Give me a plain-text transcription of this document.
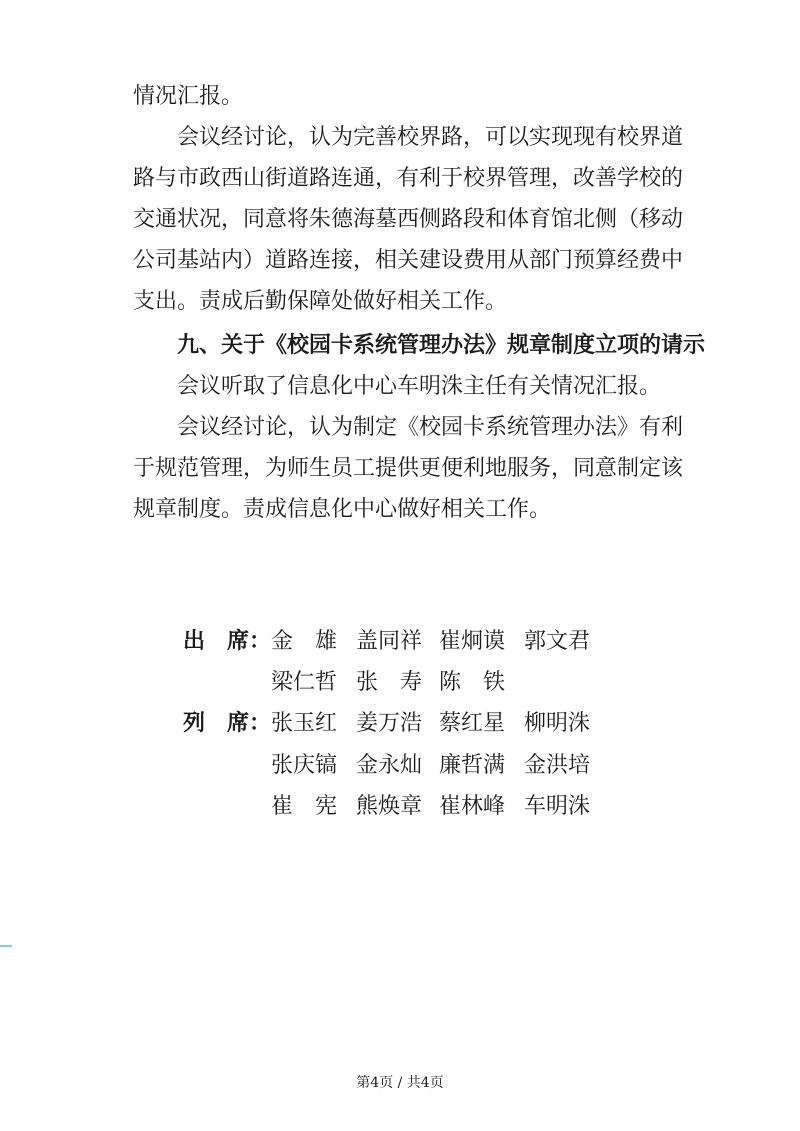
情况汇报。

　　会议经讨论，认为完善校界路，可以实现现有校界道路与市政西山街道路连通，有利于校界管理，改善学校的交通状况，同意将朱德海墓西侧路段和体育馆北侧（移动公司基站内）道路连接，相关建设费用从部门预算经费中支出。责成后勤保障处做好相关工作。

　　九、关于《校园卡系统管理办法》规章制度立项的请示

　　会议听取了信息化中心车明洙主任有关情况汇报。

　　会议经讨论，认为制定《校园卡系统管理办法》有利于规范管理，为师生员工提供更便利地服务，同意制定该规章制度。责成信息化中心做好相关工作。

出　席： 金　雄 盖同祥 崔炯谟 郭文君
梁仁哲 张　寿 陈　铁
列　席： 张玉红 姜万浩 蔡红星 柳明洙
张庆镐 金永灿 廉哲满 金洪培
崔　宪 熊焕章 崔林峰 车明洙
第4页 / 共4页
